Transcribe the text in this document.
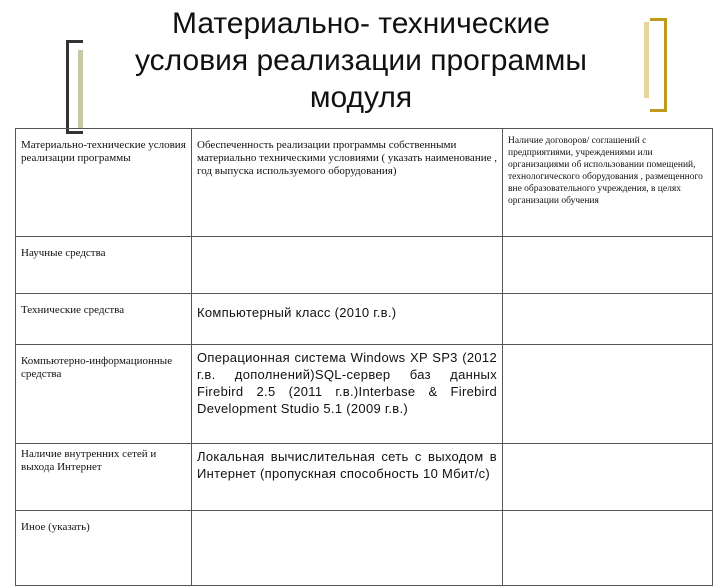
Материально- технические
условия реализации программы
модуля
Материально-технические условия реализации программы	Обеспеченность реализации программы собственными материально техническими условиями ( указать наименование , год выпуска используемого оборудования)	Наличие договоров/ соглашений с предприятиями, учреждениями или организациями об использовании помещений, технологического оборудования , размещенного вне образовательного учреждения, в целях организации обучения
Научные средства		
Технические средства	Компьютерный класс (2010 г.в.)	
Компьютерно-информационные средства	Операционная система Windows XP SP3 (2012 г.в. дополнений)SQL-сервер баз данных Firebird 2.5 (2011 г.в.)Interbase & Firebird Development Studio 5.1 (2009 г.в.)	
Наличие внутренних сетей и выхода Интернет	Локальная вычислительная сеть с выходом в Интернет (пропускная способность 10 Мбит/с)	
Иное (указать)		
